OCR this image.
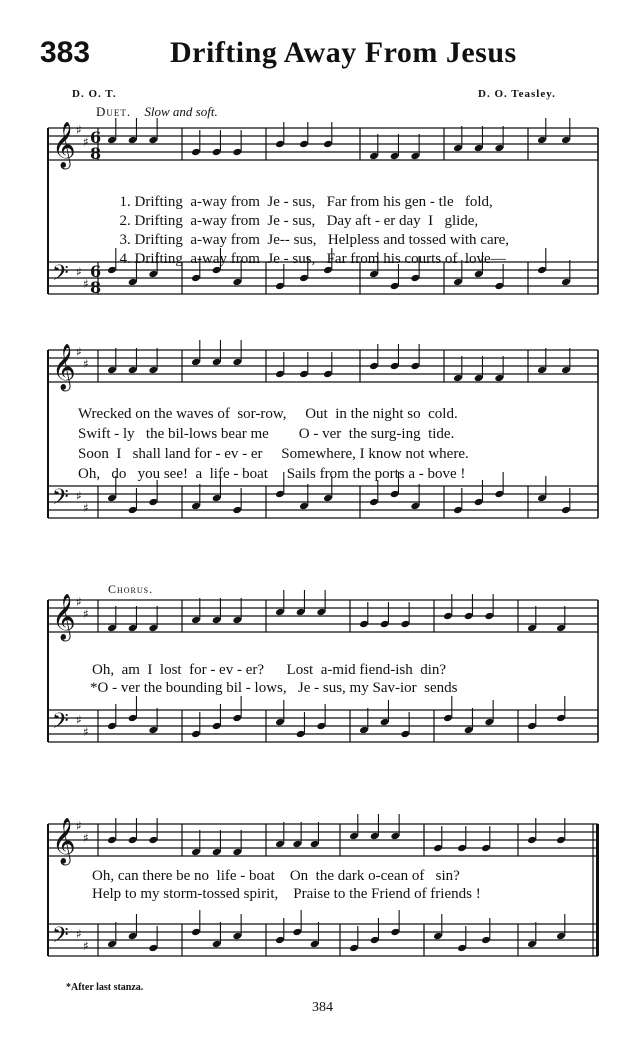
383	Drifting Away From Jesus
D. O. T.	D. O. Teasley.
Duet. Slow and soft.
𝄞 ♯
♯ 6
8
𝄢 ♯
♯
6
8
𝄞 ♯
♯
𝄢 ♯
♯
𝄞 ♯
♯
𝄢 ♯
♯
𝄞 ♯
♯
𝄢 ♯
♯

1. Drifting a-way from Je - sus, Far from his gen - tle fold,

2. Drifting a-way from Je - sus, Day aft - er day  I glide,

3. Drifting a-way from Je-- sus, Helpless and tossed with care,

4. Drifting a-way from Je - sus, Far from his courts of love—

Wrecked on the waves of  sor-row, Out  in the night so  cold.
Swift - ly   the bil-lows bear me O - ver  the surg-ing  tide.
Soon  I   shall land for - ev - er Somewhere, I know not where.
Oh,   do   you see!  a  life - boat Sails from the ports a - bove !
Chorus.
Oh,  am  I  lost  for - ev - er? Lost  a-mid fiend-ish  din?
*O - ver the bounding bil - lows, Je - sus, my Sav-ior  sends
Oh, can there be no  life - boat On  the dark o-cean of   sin?
Help to my storm-tossed spirit, Praise to the Friend of friends !
*After last stanza.
384
